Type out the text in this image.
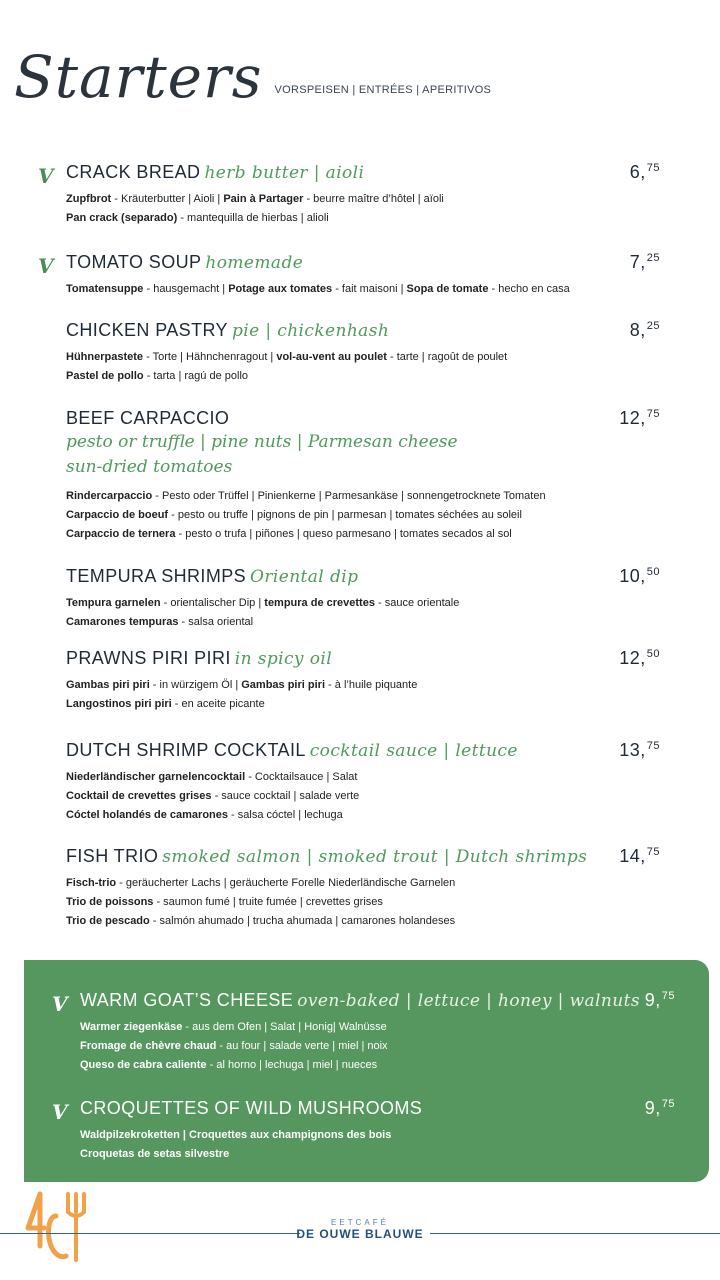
Starters VORSPEISEN | ENTRÉES | APERITIVOS
V CRACK BREAD herb butter | aioli
Zupfbrot - Kräuterbutter | Aioli | Pain à Partager - beurre maître d’hôtel | aïoli
Pan crack (separado) - mantequilla de hierbas | alioli
6,75
V TOMATO SOUP homemade
Tomatensuppe - hausgemacht | Potage aux tomates - fait maisoni | Sopa de tomate - hecho en casa
7,25
CHICKEN PASTRY pie | chickenhash
Hühnerpastete - Torte | Hähnchenragout | vol-au-vent au poulet - tarte | ragoût de poulet
Pastel de pollo - tarta | ragú de pollo
8,25
BEEF CARPACCIO
pesto or truffle | pine nuts | Parmesan cheese
sun-dried tomatoes
Rindercarpaccio - Pesto oder Trüffel | Pinienkerne | Parmesankäse | sonnengetrocknete Tomaten
Carpaccio de boeuf - pesto ou truffe | pignons de pin | parmesan | tomates séchées au soleil
Carpaccio de ternera - pesto o trufa | piñones | queso parmesano | tomates secados al sol
12,75
TEMPURA SHRIMPS Oriental dip
Tempura garnelen - orientalischer Dip | tempura de crevettes - sauce orientale
Camarones tempuras - salsa oriental
10,50
PRAWNS PIRI PIRI in spicy oil
Gambas piri piri - in würzigem Öl | Gambas piri piri - à l’huile piquante
Langostinos piri piri - en aceite picante
12,50
DUTCH SHRIMP COCKTAIL cocktail sauce | lettuce
Niederländischer garnelencocktail - Cocktailsauce | Salat
Cocktail de crevettes grises - sauce cocktail | salade verte
Cóctel holandés de camarones - salsa cóctel | lechuga
13,75
FISH TRIO smoked salmon | smoked trout | Dutch shrimps
Fisch-trio - geräucherter Lachs | geräucherte Forelle Niederländische Garnelen
Trio de poissons - saumon fumé | truite fumée | crevettes grises
Trio de pescado - salmón ahumado | trucha ahumada | camarones holandeses
14,75
V WARM GOAT’S CHEESE oven-baked | lettuce | honey | walnuts
Warmer ziegenkäse - aus dem Ofen | Salat | Honig| Walnüsse
Fromage de chèvre chaud - au four | salade verte | miel | noix
Queso de cabra caliente - al horno | lechuga | miel | nueces
9,75
V CROQUETTES OF WILD MUSHROOMS
Waldpilzekroketten | Croquettes aux champignons des bois
Croquetas de setas silvestre
9,75
EETCAFÉ
DE OUWE BLAUWE
